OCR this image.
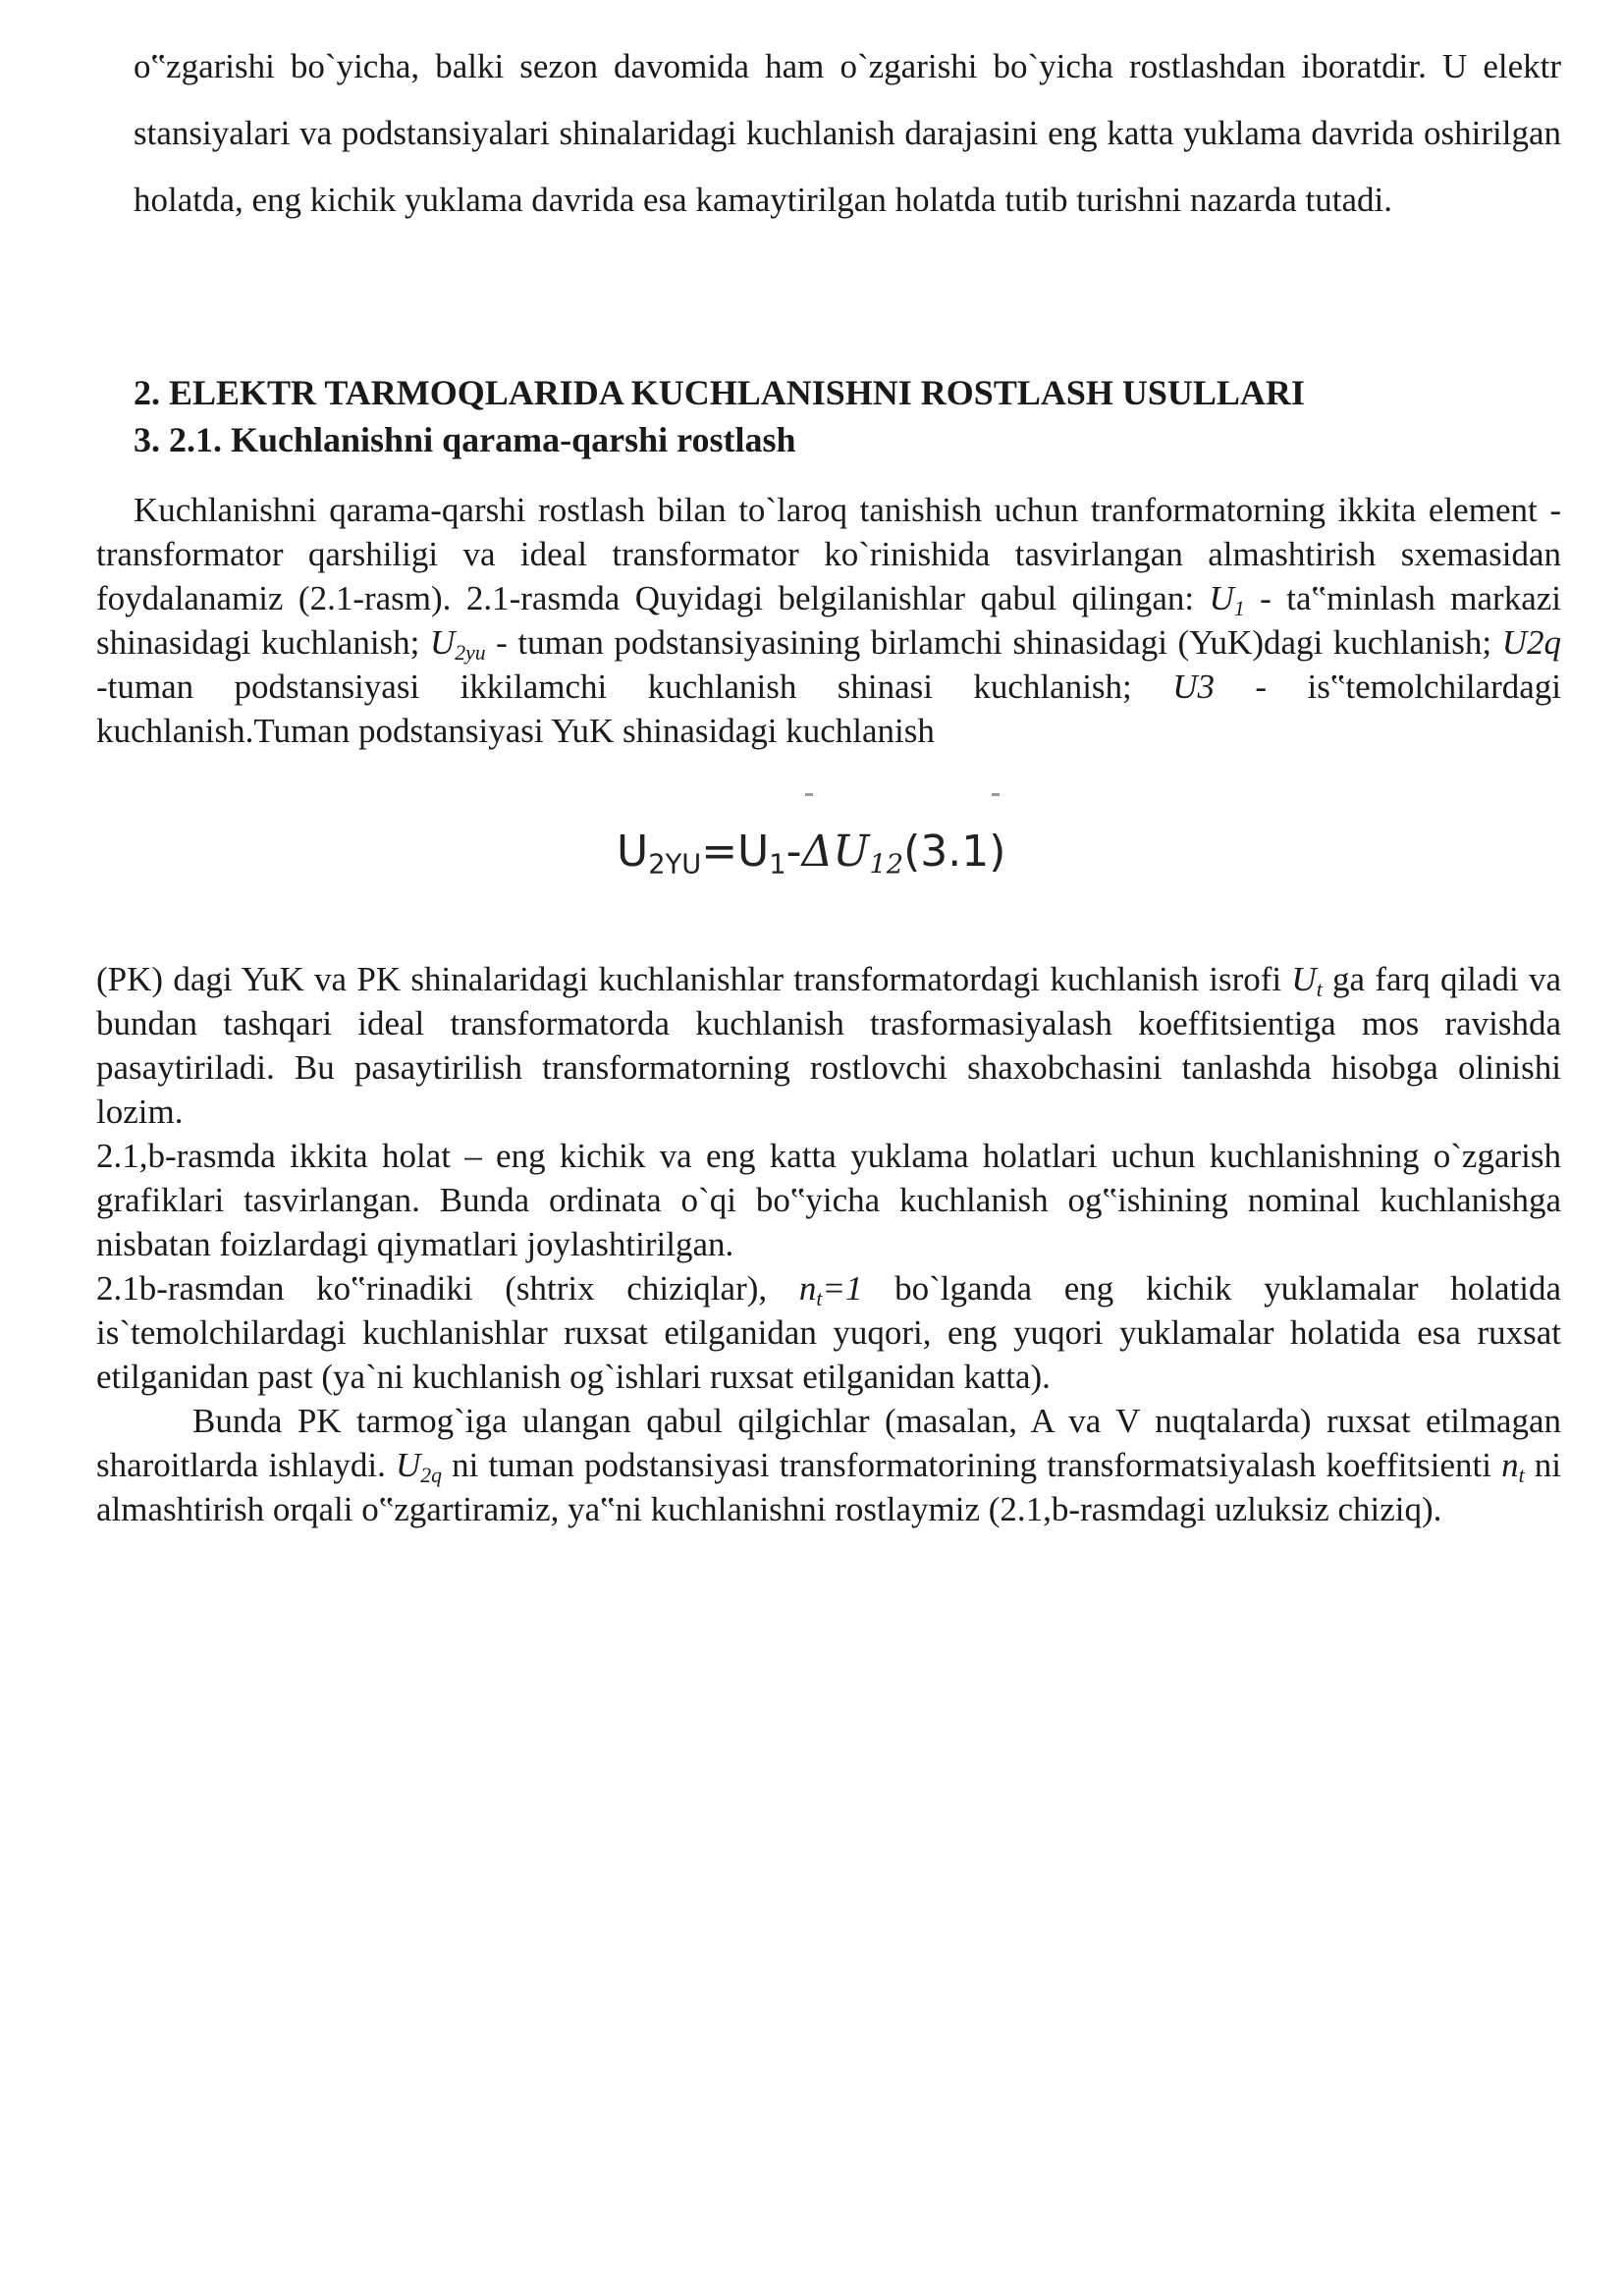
o‟zgarishi bo`yicha, balki sezon davomida ham o`zgarishi bo`yicha rostlashdan iboratdir. U elektr stansiyalari va podstansiyalari shinalaridagi kuchlanish darajasini eng katta yuklama davrida oshirilgan holatda, eng kichik yuklama davrida esa kamaytirilgan holatda tutib turishni nazarda tutadi.

2. ELEKTR TARMOQLARIDA KUCHLANISHNI ROSTLASH USULLARI
3. 2.1. Kuchlanishni qarama-qarshi rostlash

Kuchlanishni qarama-qarshi rostlash bilan to`laroq tanishish uchun tranformatorning ikkita element - transformator qarshiligi va ideal transformator ko`rinishida tasvirlangan almashtirish sxemasidan foydalanamiz (2.1-rasm). 2.1-rasmda Quyidagi belgilanishlar qabul qilingan: $U_1$ - ta‟minlash markazi shinasidagi kuchlanish; $U_{2yu}$ - tuman podstansiyasining birlamchi shinasidagi (YuK)dagi kuchlanish; U2q -tuman podstansiyasi ikkilamchi kuchlanish shinasi kuchlanish; U3 - is‟temolchilardagi kuchlanish.Tuman podstansiyasi YuK shinasidagi kuchlanish

$U_{2YU}=U_1-\Delta U_{12}(3.1)$

(PK) dagi YuK va PK shinalaridagi kuchlanishlar transformatordagi kuchlanish isrofi $U_t$ ga farq qiladi va bundan tashqari ideal transformatorda kuchlanish trasformasiyalash koeffitsientiga mos ravishda pasaytiriladi. Bu pasaytirilish transformatorning rostlovchi shaxobchasini tanlashda hisobga olinishi lozim.

2.1,b-rasmda ikkita holat – eng kichik va eng katta yuklama holatlari uchun kuchlanishning o`zgarish grafiklari tasvirlangan. Bunda ordinata o`qi bo‟yicha kuchlanish og‟ishining nominal kuchlanishga nisbatan foizlardagi qiymatlari joylashtirilgan.

2.1b-rasmdan ko‟rinadiki (shtrix chiziqlar), $n_t=1$ bo`lganda eng kichik yuklamalar holatida is`temolchilardagi kuchlanishlar ruxsat etilganidan yuqori, eng yuqori yuklamalar holatida esa ruxsat etilganidan past (ya`ni kuchlanish og`ishlari ruxsat etilganidan katta).

Bunda PK tarmog`iga ulangan qabul qilgichlar (masalan, A va V nuqtalarda) ruxsat etilmagan sharoitlarda ishlaydi. $U_{2q}$ ni tuman podstansiyasi transformatorining transformatsiyalash koeffitsienti $n_t$ ni almashtirish orqali o‟zgartiramiz, ya‟ni kuchlanishni rostlaymiz (2.1,b-rasmdagi uzluksiz chiziq).
